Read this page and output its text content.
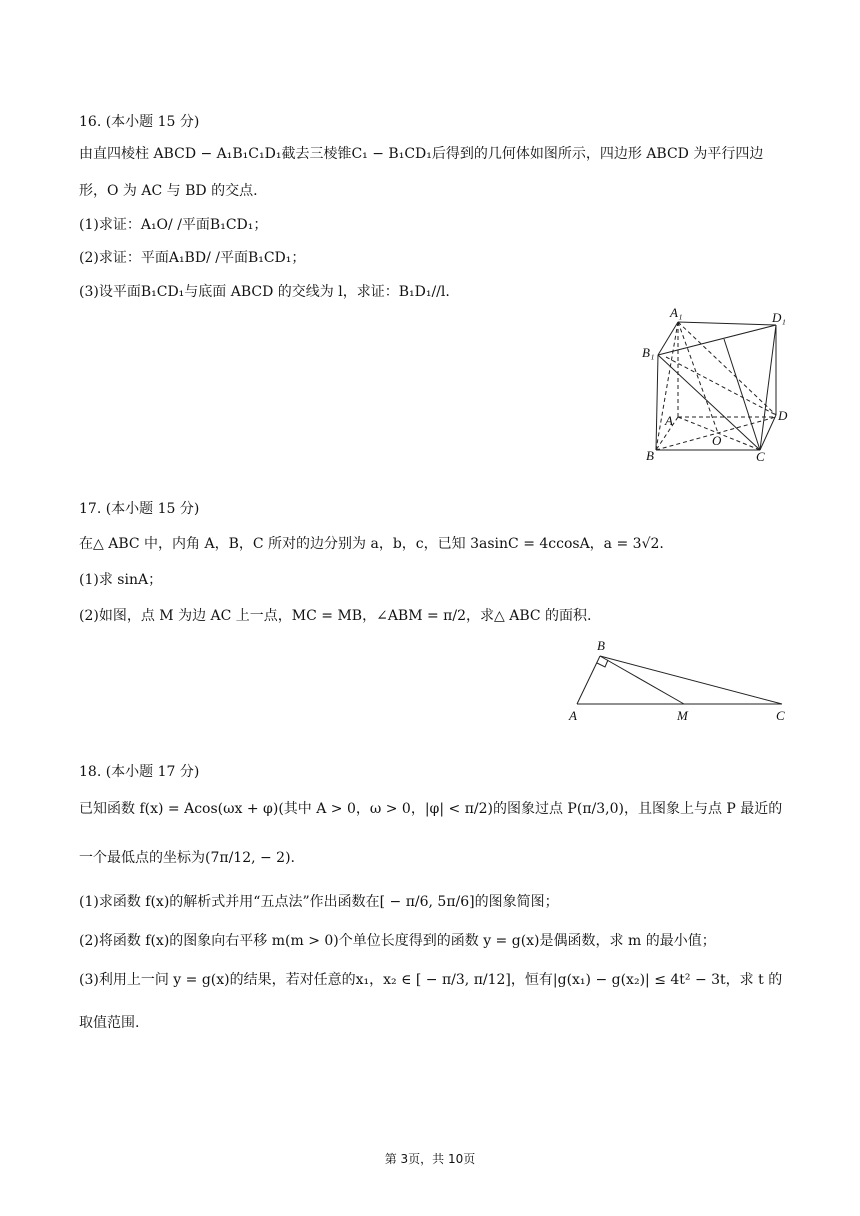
16. (本小题 15 分)
由直四棱柱 ABCD − A₁B₁C₁D₁截去三棱锥C₁ − B₁CD₁后得到的几何体如图所示，四边形 ABCD 为平行四边
形，O 为 AC 与 BD 的交点.
(1)求证：A₁O/ /平面B₁CD₁；
(2)求证：平面A₁BD/ /平面B₁CD₁；
(3)设平面B₁CD₁与底面 ABCD 的交线为 l，求证：B₁D₁//l.
A₁	D₁
B₁
A	D
O
B	C
17. (本小题 15 分)
在△ ABC 中，内角 A，B，C 所对的边分别为 a，b，c，已知 3asinC = 4ccosA，a = 3√2.
(1)求 sinA；
(2)如图，点 M 为边 AC 上一点，MC = MB，∠ABM = π/2，求△ ABC 的面积.
B
A	M	C
18. (本小题 17 分)
已知函数 f(x) = Acos(ωx + φ)(其中 A > 0，ω > 0，|φ| < π/2)的图象过点 P(π/3,0)，且图象上与点 P 最近的
一个最低点的坐标为(7π/12, − 2).
(1)求函数 f(x)的解析式并用“五点法”作出函数在[ − π/6, 5π/6]的图象简图；
(2)将函数 f(x)的图象向右平移 m(m > 0)个单位长度得到的函数 y = g(x)是偶函数，求 m 的最小值；
(3)利用上一问 y = g(x)的结果，若对任意的x₁，x₂ ∈ [ − π/3, π/12]，恒有|g(x₁) − g(x₂)| ≤ 4t² − 3t，求 t 的
取值范围.
第 3页，共 10页
